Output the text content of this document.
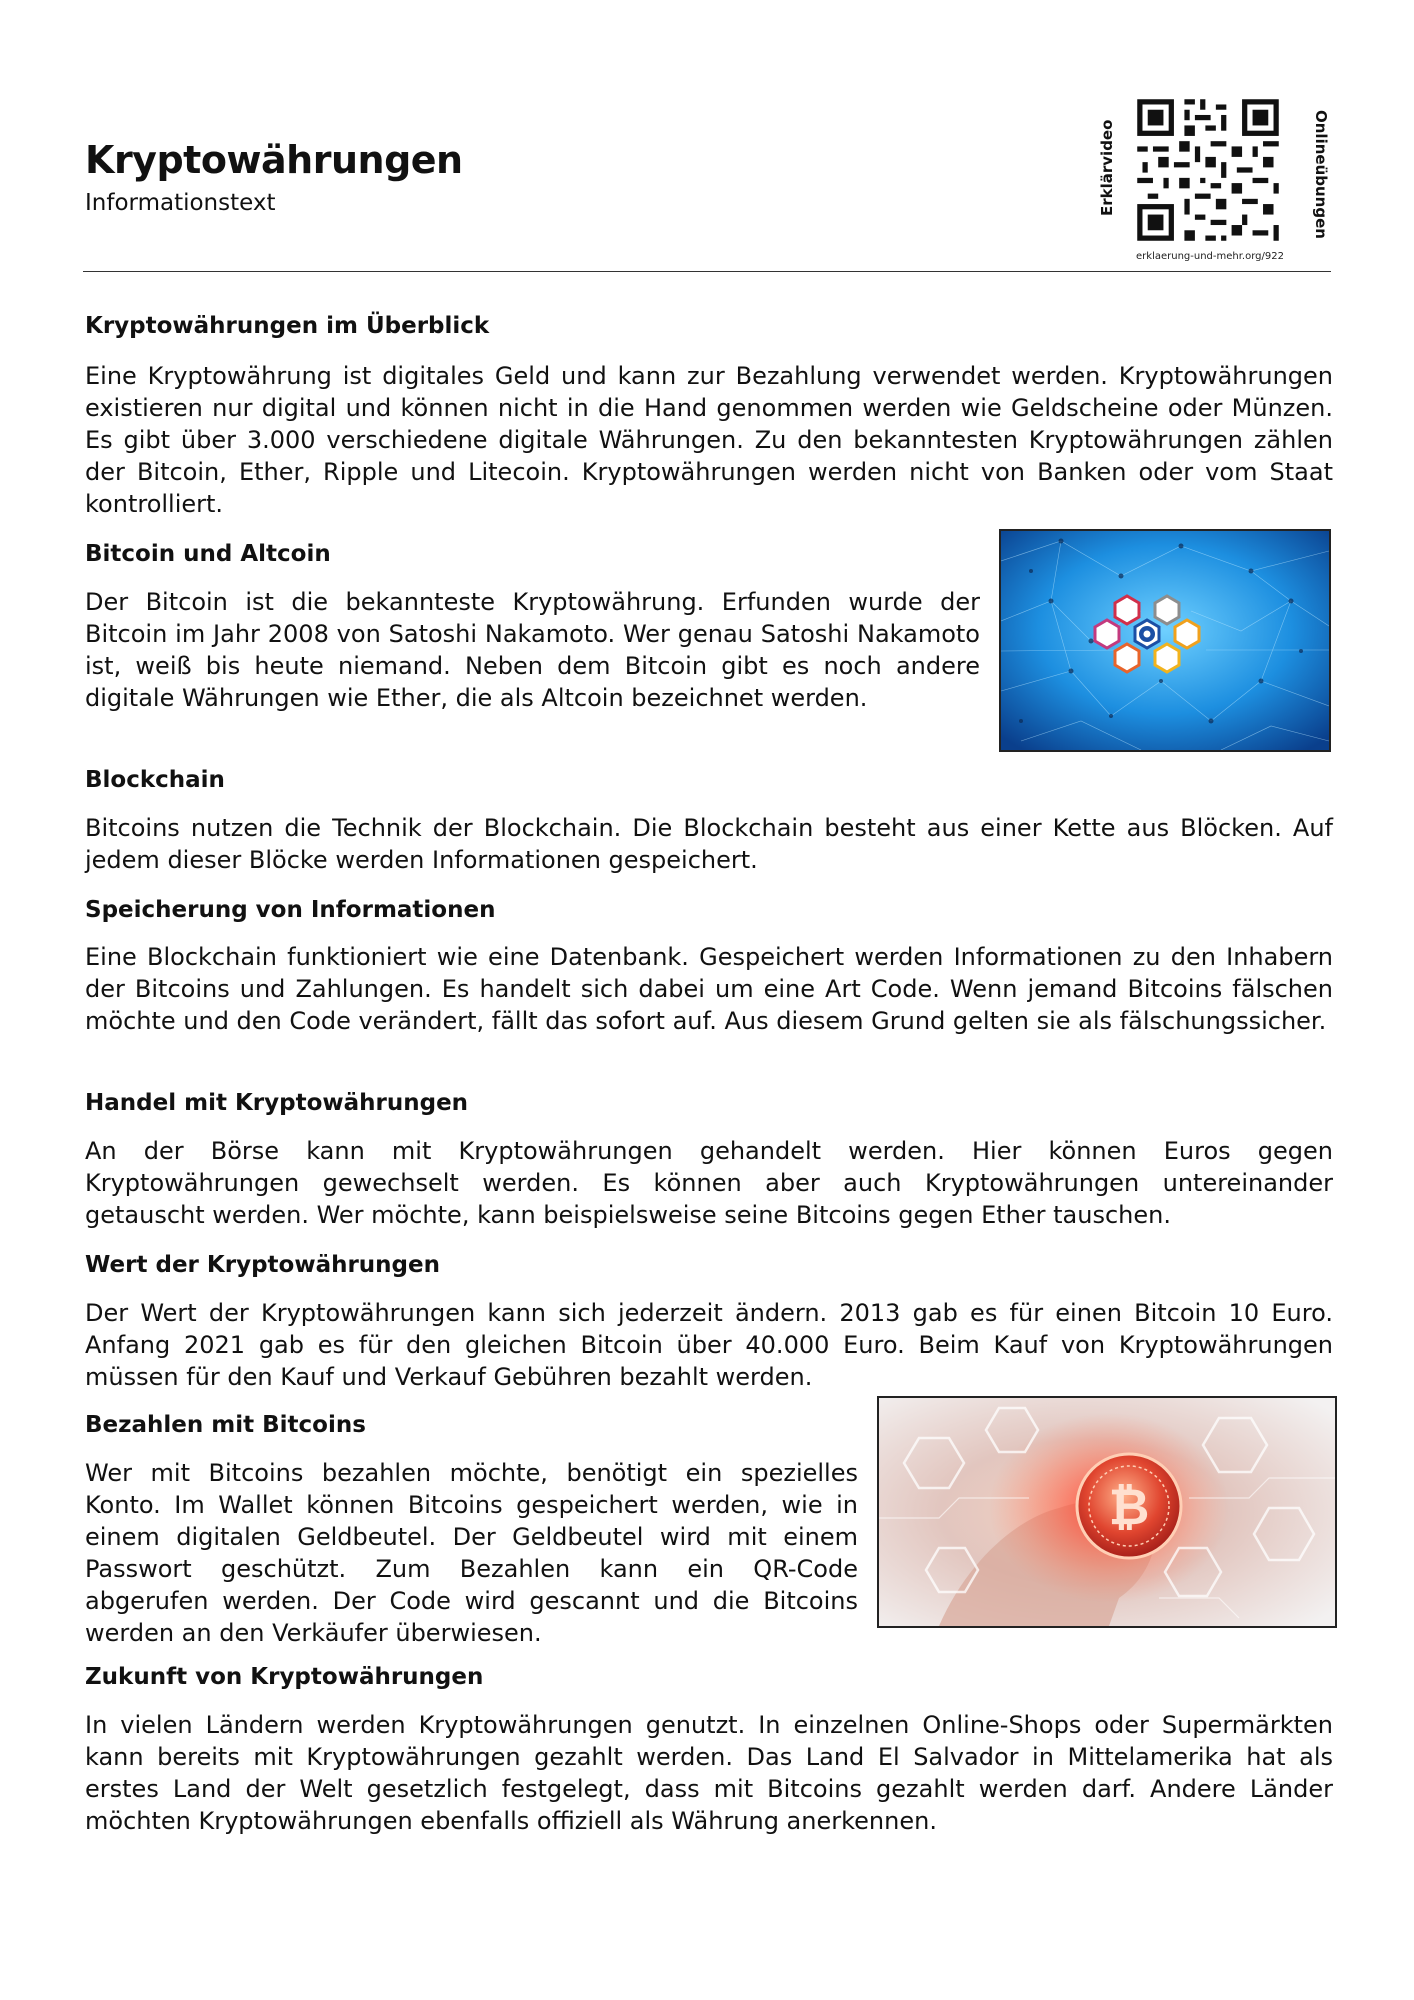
Kryptowährungen
Informationstext	Erklärvideo	Onlineübungen
erklaerung-und-mehr.org/922
Kryptowährungen im Überblick
Eine Kryptowährung ist digitales Geld und kann zur Bezahlung verwendet werden. Kryptowährungen existieren nur digital und können nicht in die Hand genommen werden wie Geldscheine oder Münzen. Es gibt über 3.000 verschiedene digitale Währungen. Zu den bekanntesten Kryptowährungen zählen der Bitcoin, Ether, Ripple und Litecoin. Kryptowährungen werden nicht von Banken oder vom Staat kontrolliert.
Bitcoin und Altcoin
Der Bitcoin ist die bekannteste Kryptowährung. Erfunden wurde der Bitcoin im Jahr 2008 von Satoshi Nakamoto. Wer genau Satoshi Nakamoto ist, weiß bis heute niemand. Neben dem Bitcoin gibt es noch andere digitale Währungen wie Ether, die als Altcoin bezeichnet werden.
Blockchain
Bitcoins nutzen die Technik der Blockchain. Die Blockchain besteht aus einer Kette aus Blöcken. Auf jedem dieser Blöcke werden Informationen gespeichert.
Speicherung von Informationen
Eine Blockchain funktioniert wie eine Datenbank. Gespeichert werden Informationen zu den Inhabern der Bitcoins und Zahlungen. Es handelt sich dabei um eine Art Code. Wenn jemand Bitcoins fälschen möchte und den Code verändert, fällt das sofort auf. Aus diesem Grund gelten sie als fälschungssicher.
Handel mit Kryptowährungen
An der Börse kann mit Kryptowährungen gehandelt werden. Hier können Euros gegen Kryptowährungen gewechselt werden. Es können aber auch Kryptowährungen untereinander getauscht werden. Wer möchte, kann beispielsweise seine Bitcoins gegen Ether tauschen.
Wert der Kryptowährungen
Der Wert der Kryptowährungen kann sich jederzeit ändern. 2013 gab es für einen Bitcoin 10 Euro. Anfang 2021 gab es für den gleichen Bitcoin über 40.000 Euro. Beim Kauf von Kryptowährungen müssen für den Kauf und Verkauf Gebühren bezahlt werden.
Bezahlen mit Bitcoins
Wer mit Bitcoins bezahlen möchte, benötigt ein spezielles Konto. Im Wallet können Bitcoins gespeichert werden, wie in einem digitalen Geldbeutel. Der Geldbeutel wird mit einem Passwort geschützt. Zum Bezahlen kann ein QR-Code abgerufen werden. Der Code wird gescannt und die Bitcoins werden an den Verkäufer überwiesen.
₿
Zukunft von Kryptowährungen
In vielen Ländern werden Kryptowährungen genutzt. In einzelnen Online-Shops oder Supermärkten kann bereits mit Kryptowährungen gezahlt werden. Das Land El Salvador in Mittelamerika hat als erstes Land der Welt gesetzlich festgelegt, dass mit Bitcoins gezahlt werden darf. Andere Länder möchten Kryptowährungen ebenfalls offiziell als Währung anerkennen.
